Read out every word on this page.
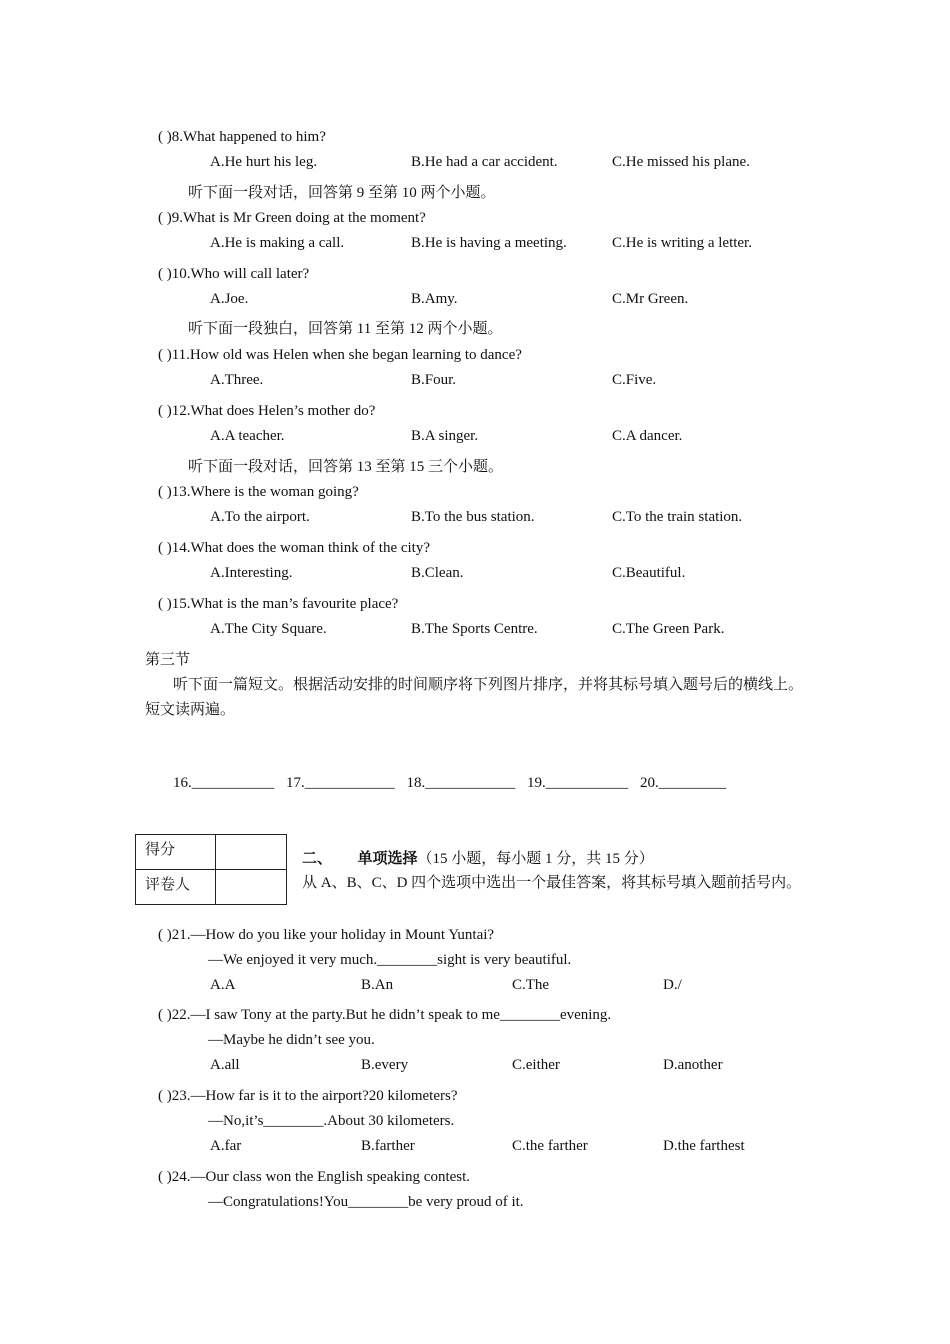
( )8.What happened to him?
A.He hurt his leg.	B.He had a car accident.	C.He missed his plane.
听下面一段对话，回答第 9 至第 10 两个小题。
( )9.What is Mr Green doing at the moment?
A.He is making a call.	B.He is having a meeting.	C.He is writing a letter.
( )10.Who will call later?
A.Joe.	B.Amy.	C.Mr Green.
听下面一段独白，回答第 11 至第 12 两个小题。
( )11.How old was Helen when she began learning to dance?
A.Three.	B.Four.	C.Five.
( )12.What does Helen’s mother do?
A.A teacher.	B.A singer.	C.A dancer.
听下面一段对话，回答第 13 至第 15 三个小题。
( )13.Where is the woman going?
A.To the airport.	B.To the bus station.	C.To the train station.
( )14.What does the woman think of the city?
A.Interesting.	B.Clean.	C.Beautiful.
( )15.What is the man’s favourite place?
A.The City Square.	B.The Sports Centre.	C.The Green Park.
第三节
听下面一篇短文。根据活动安排的时间顺序将下列图片排序，并将其标号填入题号后的横线上。短文读两遍。
16.___________ 17.____________ 18.____________ 19.___________ 20._________
得分	
评卷人	
二、 单项选择（15 小题，每小题 1 分，共 15 分）
从 A、B、C、D 四个选项中选出一个最佳答案，将其标号填入题前括号内。
( )21.—How do you like your holiday in Mount Yuntai?
—We enjoyed it very much.________sight is very beautiful.
A.A	B.An	C.The	D./
( )22.—I saw Tony at the party.But he didn’t speak to me________evening.
—Maybe he didn’t see you.
A.all	B.every	C.either	D.another
( )23.—How far is it to the airport?20 kilometers?
—No,it’s________.About 30 kilometers.
A.far	B.farther	C.the farther	D.the farthest
( )24.—Our class won the English speaking contest.
—Congratulations!You________be very proud of it.
